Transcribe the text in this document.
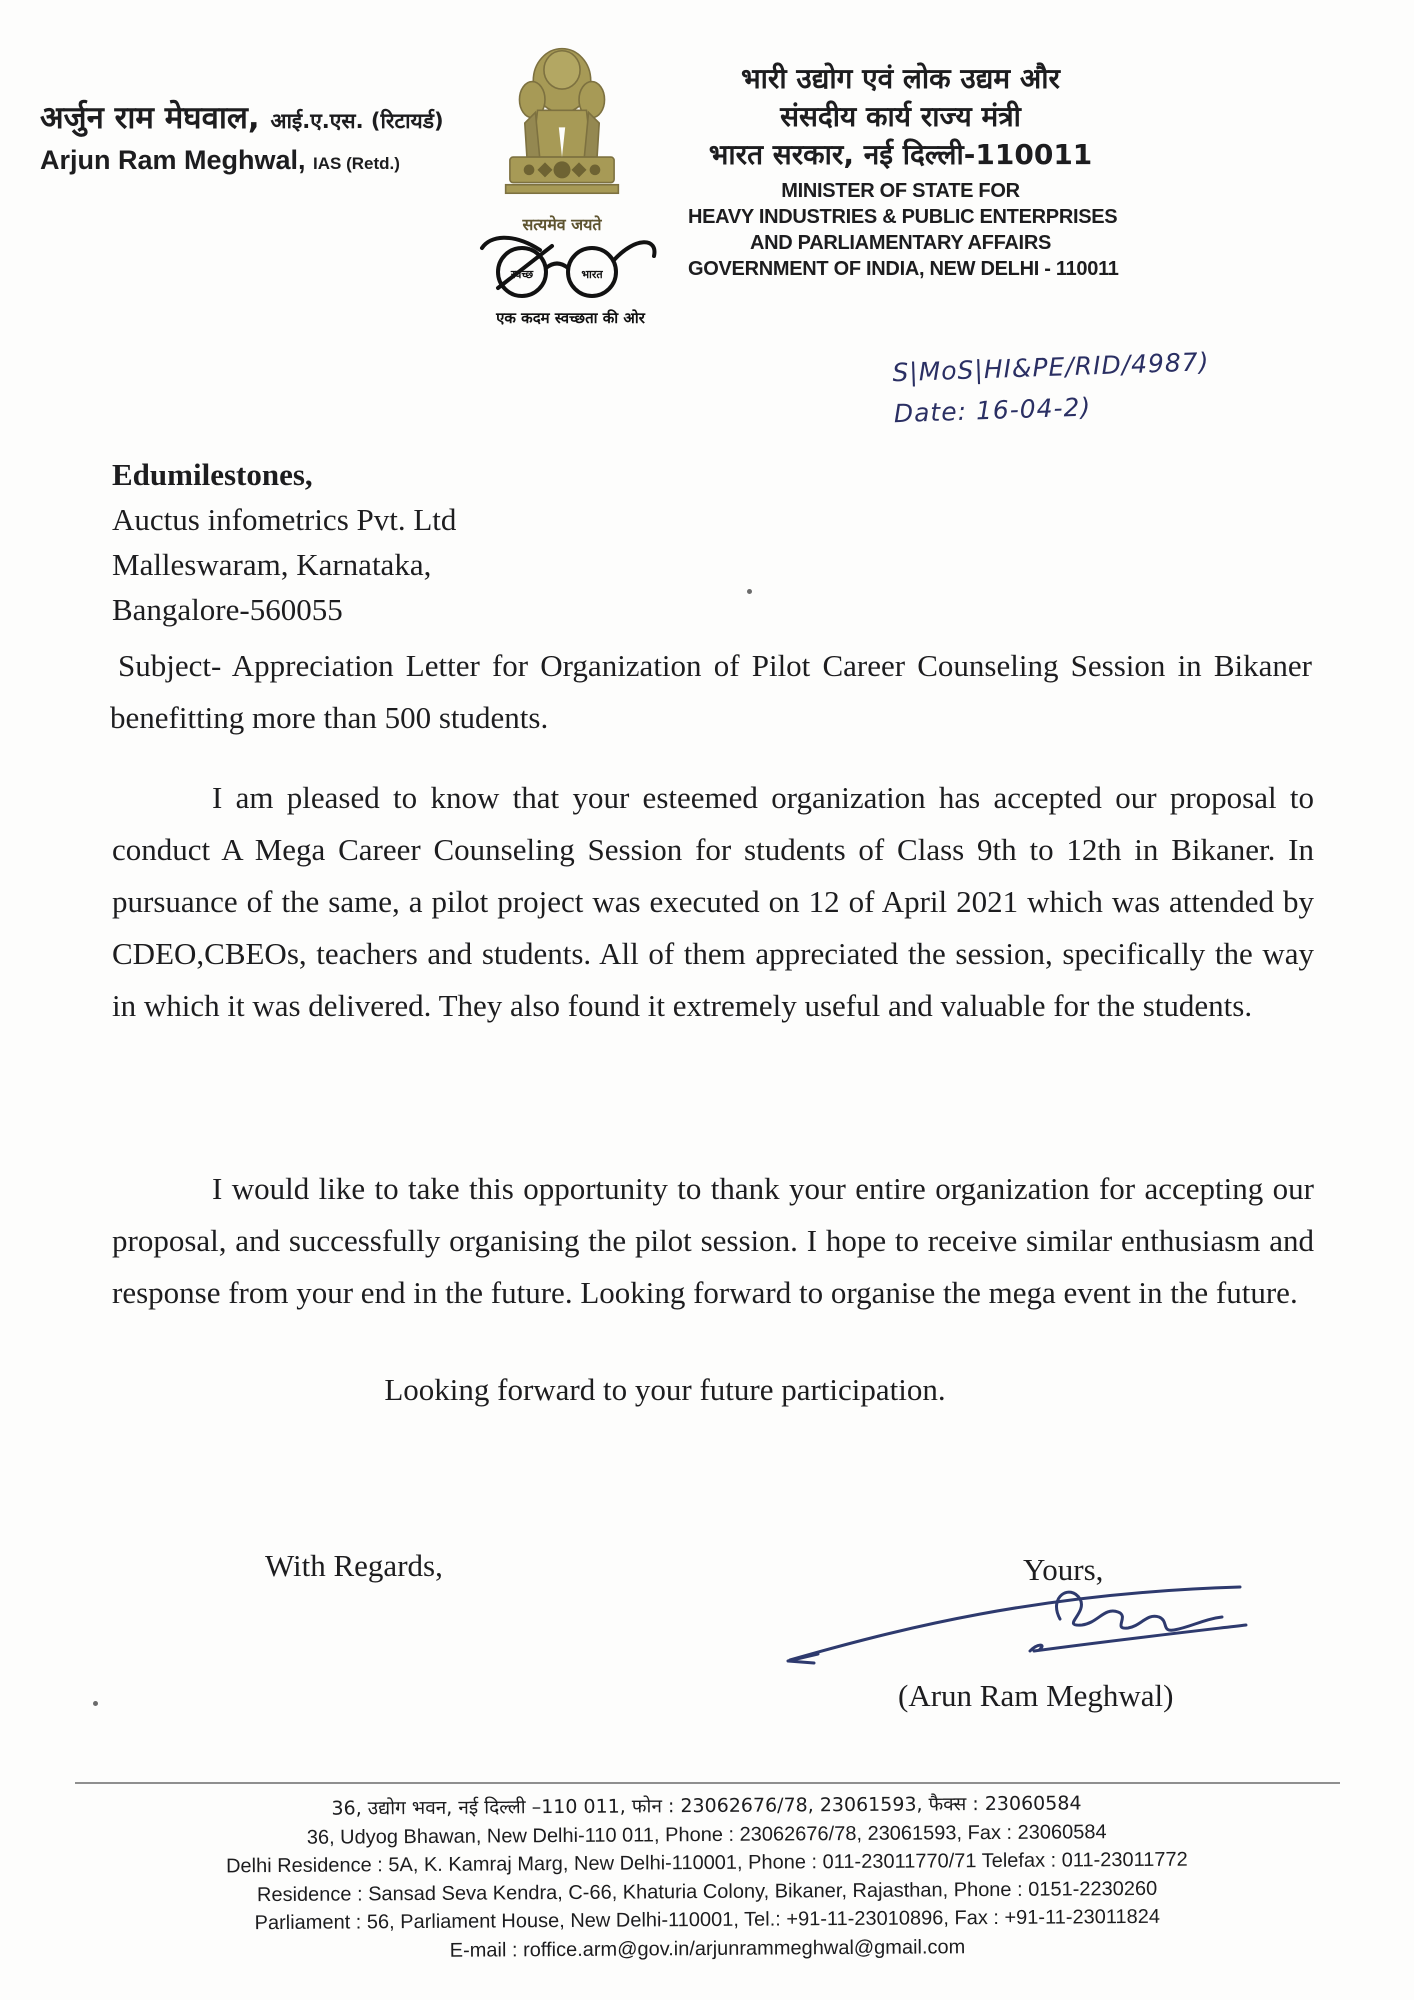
अर्जुन राम मेघवाल, आई.ए.एस. (रिटायर्ड)
Arjun Ram Meghwal, IAS (Retd.)
सत्यमेव जयते
स्वच्छ	भारत
एक कदम स्वच्छता की ओर
भारी उद्योग एवं लोक उद्यम और
संसदीय कार्य राज्य मंत्री
भारत सरकार, नई दिल्ली-110011
MINISTER OF STATE FOR
HEAVY INDUSTRIES & PUBLIC ENTERPRISES
AND PARLIAMENTARY AFFAIRS
GOVERNMENT OF INDIA, NEW DELHI - 110011
S|MoS|HI&PE/RID/4987)
Date: 16-04-2)
Edumilestones,
Auctus infometrics Pvt. Ltd
Malleswaram, Karnataka,
Bangalore-560055
Subject- Appreciation Letter for Organization of Pilot Career Counseling Session in Bikaner benefitting more than 500 students.
I am pleased to know that your esteemed organization has accepted our proposal to conduct A Mega Career Counseling Session for students of Class 9th to 12th in Bikaner. In pursuance of the same, a pilot project was executed on 12 of April 2021 which was attended by CDEO,CBEOs, teachers and students. All of them appreciated the session, specifically the way in which it was delivered. They also found it extremely useful and valuable for the students.
I would like to take this opportunity to thank your entire organization for accepting our proposal, and successfully organising the pilot session. I hope to receive similar enthusiasm and response from your end in the future. Looking forward to organise the mega event in the future.
Looking forward to your future participation.
With Regards,	Yours,
(Arun Ram Meghwal)
36, उद्योग भवन, नई दिल्ली –110 011, फोन : 23062676/78, 23061593, फैक्स : 23060584
36, Udyog Bhawan, New Delhi-110 011, Phone : 23062676/78, 23061593, Fax : 23060584
Delhi Residence : 5A, K. Kamraj Marg, New Delhi-110001, Phone : 011-23011770/71 Telefax : 011-23011772
Residence : Sansad Seva Kendra, C-66, Khaturia Colony, Bikaner, Rajasthan, Phone : 0151-2230260
Parliament : 56, Parliament House, New Delhi-110001, Tel.: +91-11-23010896, Fax : +91-11-23011824
E-mail : roffice.arm@gov.in/arjunrammeghwal@gmail.com
